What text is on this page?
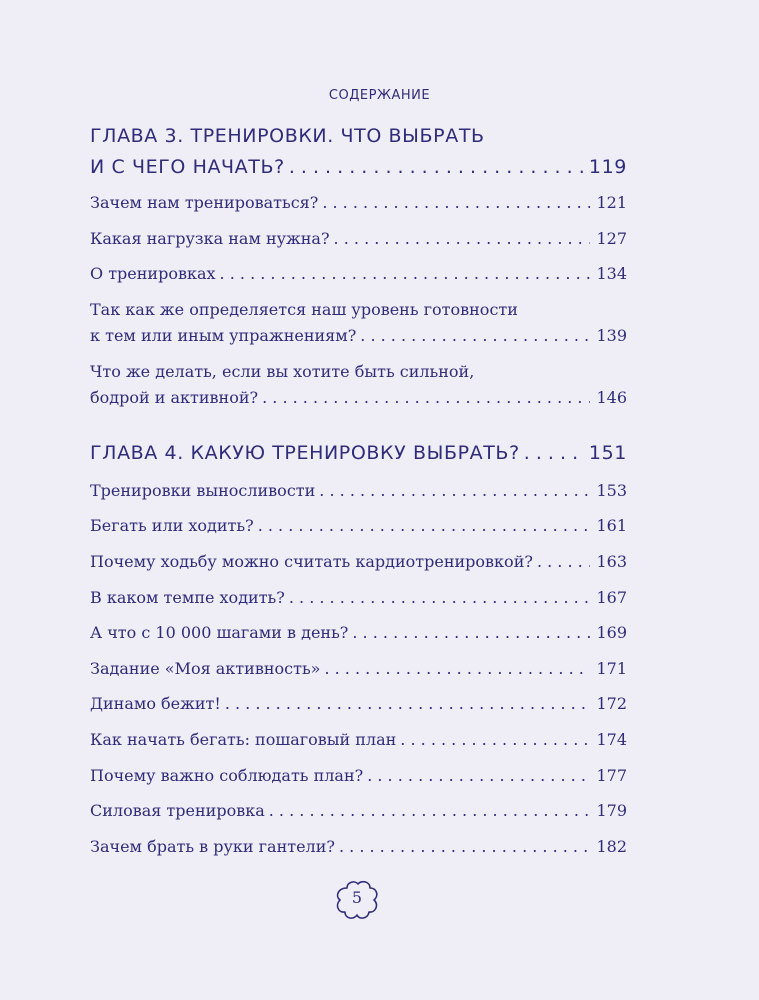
СОДЕРЖАНИЕ
ГЛАВА 3. ТРЕНИРОВКИ. ЧТО ВЫБРАТЬ
И С ЧЕГО НАЧАТЬ? . . .	119
Зачем нам тренироваться? . . .	121
Какая нагрузка нам нужна? . . .	127
О тренировках . . .	134
Так как же определяется наш уровень готовности
к тем или иным упражнениям? . . .	139
Что же делать, если вы хотите быть сильной,
бодрой и активной? . . .	146
ГЛАВА 4. КАКУЮ ТРЕНИРОВКУ ВЫБРАТЬ? . . .	151
Тренировки выносливости . . .	153
Бегать или ходить? . . .	161
Почему ходьбу можно считать кардиотренировкой? . . .	163
В каком темпе ходить? . . .	167
А что с 10 000 шагами в день? . . .	169
Задание «Моя активность» . . .	171
Динамо бежит! . . .	172
Как начать бегать: пошаговый план . . .	174
Почему важно соблюдать план? . . .	177
Силовая тренировка . . .	179
Зачем брать в руки гантели? . . .	182
5
